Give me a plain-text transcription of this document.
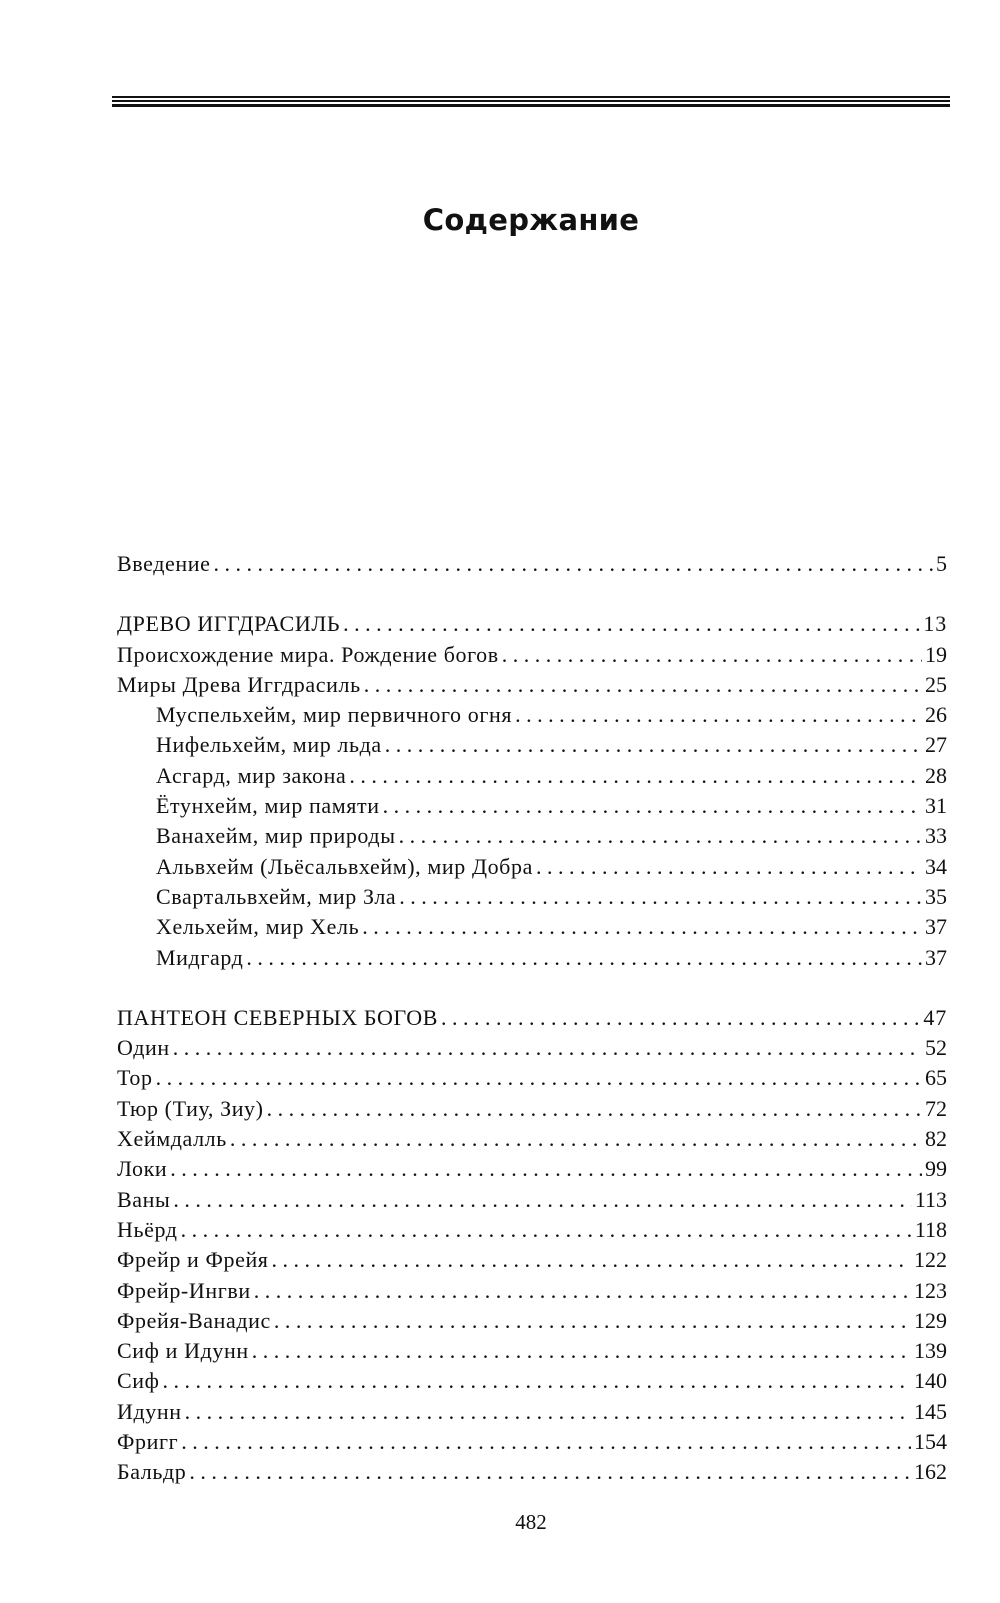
Содержание
Введение . . .	5
ДРЕВО ИГГДРАСИЛЬ . . .	13
Происхождение мира. Рождение богов . . .	19
Миры Древа Иггдрасиль . . .	25
Муспельхейм, мир первичного огня . . .	26
Нифельхейм, мир льда . . .	27
Асгард, мир закона . . .	28
Ётунхейм, мир памяти . . .	31
Ванахейм, мир природы . . .	33
Альвхейм (Льёсальвхейм), мир Добра . . .	34
Свартальвхейм, мир Зла . . .	35
Хельхейм, мир Хель . . .	37
Мидгард . . .	37
ПАНТЕОН СЕВЕРНЫХ БОГОВ . . .	47
Один . . .	52
Тор . . .	65
Тюр (Тиу, Зиу) . . .	72
Хеймдалль . . .	82
Локи . . .	99
Ваны . . .	113
Ньёрд . . .	118
Фрейр и Фрейя . . .	122
Фрейр-Ингви . . .	123
Фрейя-Ванадис . . .	129
Сиф и Идунн . . .	139
Сиф . . .	140
Идунн . . .	145
Фригг . . .	154
Бальдр . . .	162
482
